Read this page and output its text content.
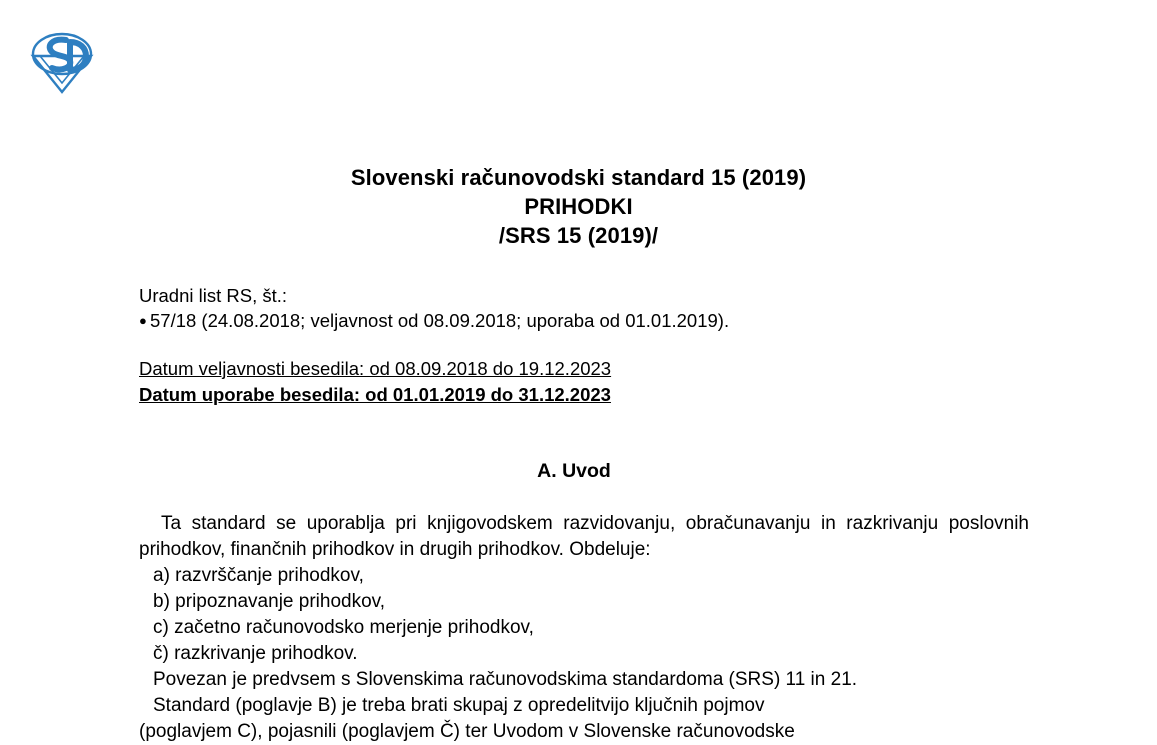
Slovenski računovodski standard 15 (2019)
PRIHODKI
/SRS 15 (2019)/
Uradni list RS, št.:
● 57/18 (24.08.2018; veljavnost od 08.09.2018; uporaba od 01.01.2019).
Datum veljavnosti besedila: od 08.09.2018 do 19.12.2023
Datum uporabe besedila: od 01.01.2019 do 31.12.2023
A. Uvod
Ta standard se uporablja pri knjigovodskem razvidovanju, obračunavanju in razkrivanju poslovnih prihodkov, finančnih prihodkov in drugih prihodkov. Obdeluje:
a) razvrščanje prihodkov,
b) pripoznavanje prihodkov,
c) začetno računovodsko merjenje prihodkov,
č) razkrivanje prihodkov.
Povezan je predvsem s Slovenskima računovodskima standardoma (SRS) 11 in 21.
Standard (poglavje B) je treba brati skupaj z opredelitvijo ključnih pojmov
(poglavjem C), pojasnili (poglavjem Č) ter Uvodom v Slovenske računovodske
